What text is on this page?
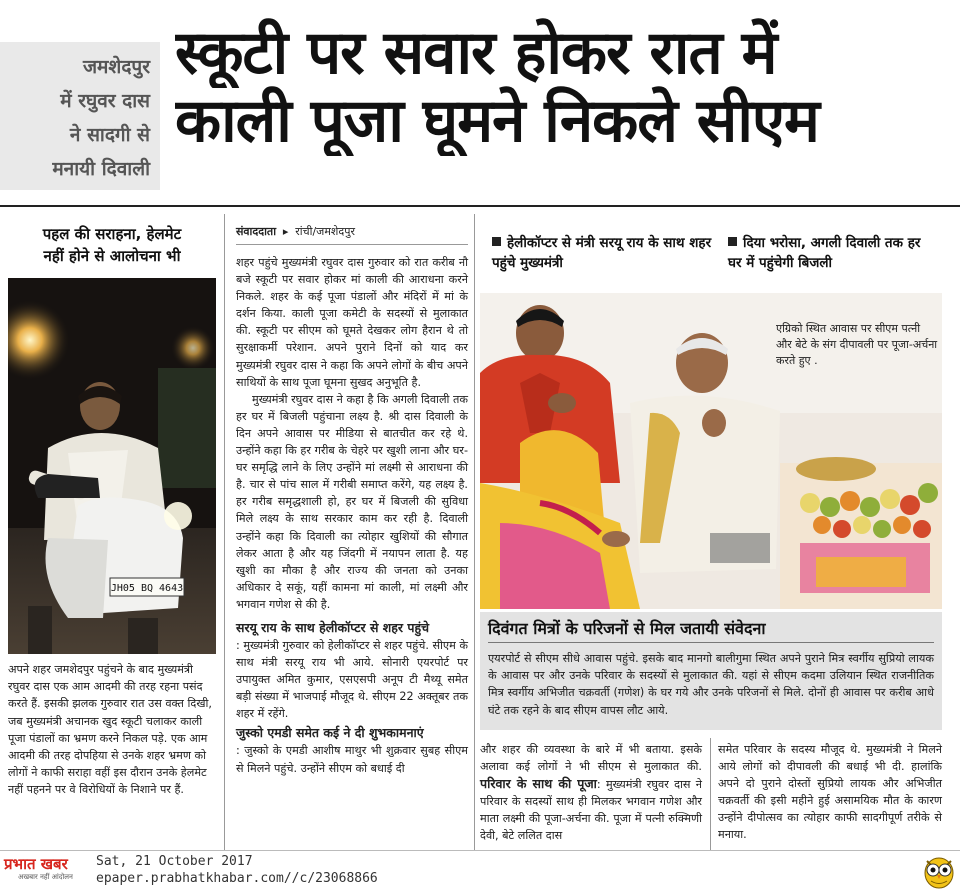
जमशेदपुर
में रघुवर दास
ने सादगी से
मनायी दिवाली
स्कूटी पर सवार होकर रात में
काली पूजा घूमने निकले सीएम
पहल की सराहना, हेलमेट
नहीं होने से आलोचना भी
JH05 BQ 4643
अपने शहर जमशेदपुर पहुंचने के बाद मुख्यमंत्री रघुवर दास एक आम आदमी की तरह रहना पसंद करते हैं. इसकी झलक गुरुवार रात उस वक्त दिखी, जब मुख्यमंत्री अचानक खुद स्कूटी चलाकर काली पूजा पंडालों का भ्रमण करने निकल पड़े. एक आम आदमी की तरह दोपहिया से उनके शहर भ्रमण को लोगों ने काफी सराहा वहीं इस दौरान उनके हेलमेट नहीं पहनने पर वे विरोधियों के निशाने पर हैं.
संवाददाता ▸ रांची/जमशेदपुर

शहर पहुंचे मुख्यमंत्री रघुवर दास गुरुवार को रात करीब नौ बजे स्कूटी पर सवार होकर मां काली की आराधना करने निकले. शहर के कई पूजा पंडालों और मंदिरों में मां के दर्शन किया. काली पूजा कमेटी के सदस्यों से मुलाकात की. स्कूटी पर सीएम को घूमते देखकर लोग हैरान थे तो सुरक्षाकर्मी परेशान. अपने पुराने दिनों को याद कर मुख्यमंत्री रघुवर दास ने कहा कि अपने लोगों के बीच अपने साथियों के साथ पूजा घूमना सुखद अनुभूति है.

मुख्यमंत्री रघुवर दास ने कहा है कि अगली दिवाली तक हर घर में बिजली पहुंचाना लक्ष्य है. श्री दास दिवाली के दिन अपने आवास पर मीडिया से बातचीत कर रहे थे. उन्होंने कहा कि हर गरीब के चेहरे पर खुशी लाना और घर- घर समृद्धि लाने के लिए उन्होंने मां लक्ष्मी से आराधना की है. चार से पांच साल में गरीबी समाप्त करेंगे, यह लक्ष्य है. हर गरीब समृद्धशाली हो, हर घर में बिजली की सुविधा मिले लक्ष्य के साथ सरकार काम कर रही है. दिवाली उन्होंने कहा कि दिवाली का त्योहार खुशियों की सौगात लेकर आता है और यह जिंदगी में नयापन लाता है. यह खुशी का मौका है और राज्य की जनता को उनका अधिकार दे सकूं, यहीं कामना मां काली, मां लक्ष्मी और भगवान गणेश से की है.

सरयू राय के साथ हेलीकॉप्टर से शहर पहुंचे

: मुख्यमंत्री गुरुवार को हेलीकॉप्टर से शहर पहुंचे. सीएम के साथ मंत्री सरयू राय भी आये. सोनारी एयरपोर्ट पर उपायुक्त अमित कुमार, एसएसपी अनूप टी मैथ्यू समेत बड़ी संख्या में भाजपाई मौजूद थे. सीएम 22 अक्तूबर तक शहर में रहेंगे.

जुस्को एमडी समेत कई ने दी शुभकामनाएं

: जुस्को के एमडी आशीष माथुर भी शुक्रवार सुबह सीएम से मिलने पहुंचे. उन्होंने सीएम को बधाई दी

हेलीकॉप्टर से मंत्री सरयू राय के साथ शहर पहुंचे मुख्यमंत्री
दिया भरोसा, अगली दिवाली तक हर घर में पहुंचेगी बिजली
एग्रिको स्थित आवास पर सीएम पत्नी और बेटे के संग दीपावली पर पूजा-अर्चना करते हुए .
दिवंगत मित्रों के परिजनों से मिल जतायी संवेदना
एयरपोर्ट से सीएम सीधे आवास पहुंचे. इसके बाद मानगो बालीगुमा स्थित अपने पुराने मित्र स्वर्गीय सुप्रियो लायक के आवास पर और उनके परिवार के सदस्यों से मुलाकात की. यहां से सीएम कदमा उलियान स्थित राजनीतिक मित्र स्वर्गीय अभिजीत चक्रवर्ती (गणेश) के घर गये और उनके परिजनों से मिले. दोनों ही आवास पर करीब आधे घंटे तक रहने के बाद सीएम वापस लौट आये.
और शहर की व्यवस्था के बारे में भी बताया. इसके अलावा कई लोगों ने भी सीएम से मुलाकात की. परिवार के साथ की पूजा: मुख्यमंत्री रघुवर दास ने परिवार के सदस्यों साथ ही मिलकर भगवान गणेश और माता लक्ष्मी की पूजा-अर्चना की. पूजा में पत्नी रुक्मिणी देवी, बेटे ललित दास
समेत परिवार के सदस्य मौजूद थे. मुख्यमंत्री ने मिलने आये लोगों को दीपावली की बधाई भी दी. हालांकि अपने दो पुराने दोस्तों सुप्रियो लायक और अभिजीत चक्रवर्ती की इसी महीने हुई असामयिक मौत के कारण उन्होंने दीपोत्सव का त्योहार काफी सादगीपूर्ण तरीके से मनाया.
प्रभात खबर
अखबार नहीं आंदोलन
Sat, 21 October 2017
epaper.prabhatkhabar.com//c/23068866
